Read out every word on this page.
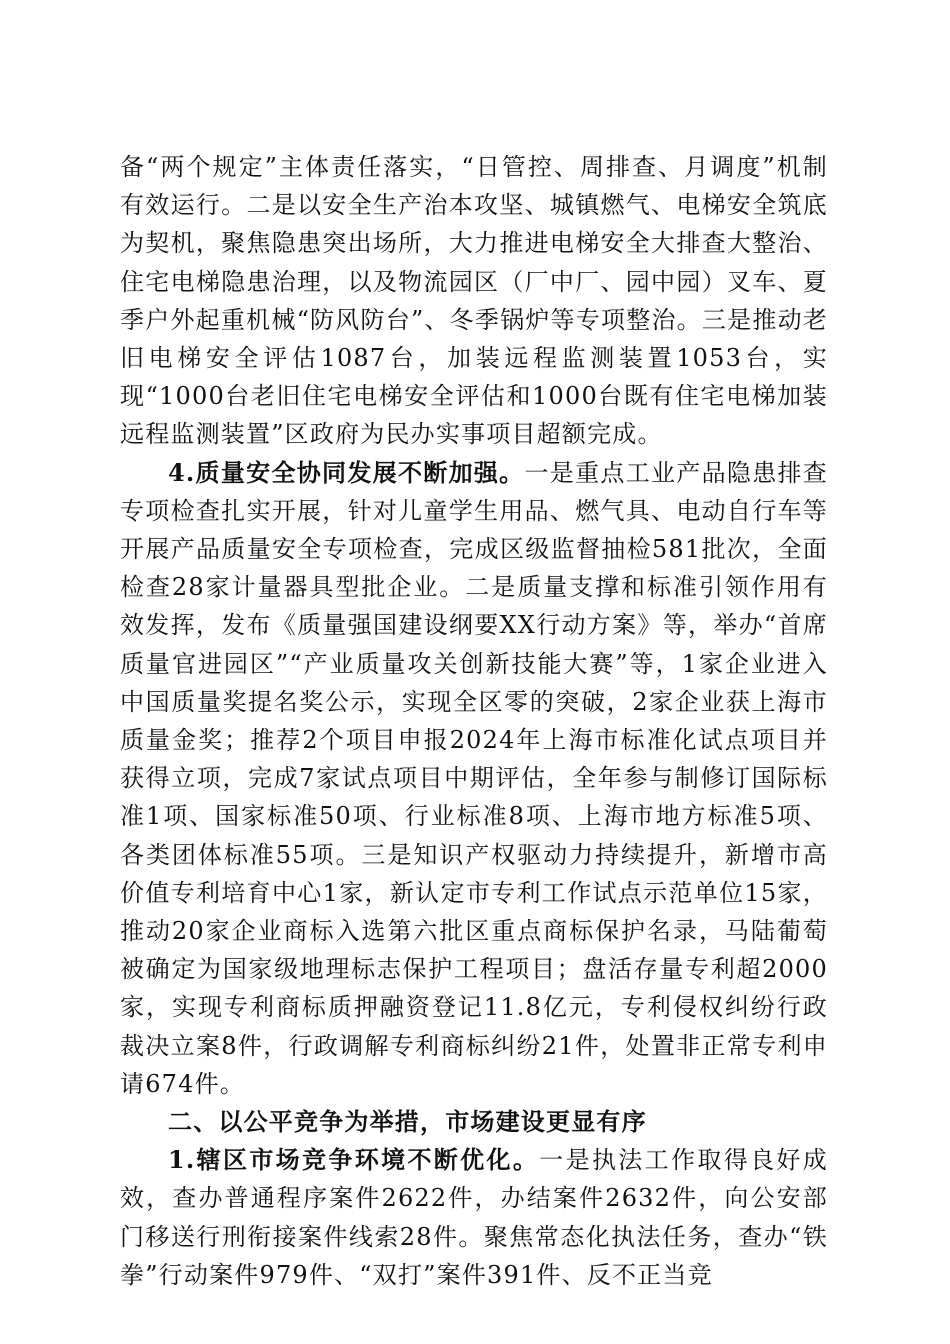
备“两个规定”主体责任落实，“日管控、周排查、月调度”机制有效运行。二是以安全生产治本攻坚、城镇燃气、电梯安全筑底为契机，聚焦隐患突出场所，大力推进电梯安全大排查大整治、住宅电梯隐患治理，以及物流园区（厂中厂、园中园）叉车、夏季户外起重机械“防风防台”、冬季锅炉等专项整治。三是推动老旧电梯安全评估1087台，加装远程监测装置1053台，实现“1000台老旧住宅电梯安全评估和1000台既有住宅电梯加装远程监测装置”区政府为民办实事项目超额完成。

4.质量安全协同发展不断加强。一是重点工业产品隐患排查专项检查扎实开展，针对儿童学生用品、燃气具、电动自行车等开展产品质量安全专项检查，完成区级监督抽检581批次，全面检查28家计量器具型批企业。二是质量支撑和标准引领作用有效发挥，发布《质量强国建设纲要XX行动方案》等，举办“首席质量官进园区”“产业质量攻关创新技能大赛”等，1家企业进入中国质量奖提名奖公示，实现全区零的突破，2家企业获上海市质量金奖；推荐2个项目申报2024年上海市标准化试点项目并获得立项，完成7家试点项目中期评估，全年参与制修订国际标准1项、国家标准50项、行业标准8项、上海市地方标准5项、各类团体标准55项。三是知识产权驱动力持续提升，新增市高价值专利培育中心1家，新认定市专利工作试点示范单位15家，推动20家企业商标入选第六批区重点商标保护名录，马陆葡萄被确定为国家级地理标志保护工程项目；盘活存量专利超2000家，实现专利商标质押融资登记11.8亿元，专利侵权纠纷行政裁决立案8件，行政调解专利商标纠纷21件，处置非正常专利申请674件。

二、以公平竞争为举措，市场建设更显有序

1.辖区市场竞争环境不断优化。一是执法工作取得良好成效，查办普通程序案件2622件，办结案件2632件，向公安部门移送行刑衔接案件线索28件。聚焦常态化执法任务，查办“铁拳”行动案件979件、“双打”案件391件、反不正当竞
